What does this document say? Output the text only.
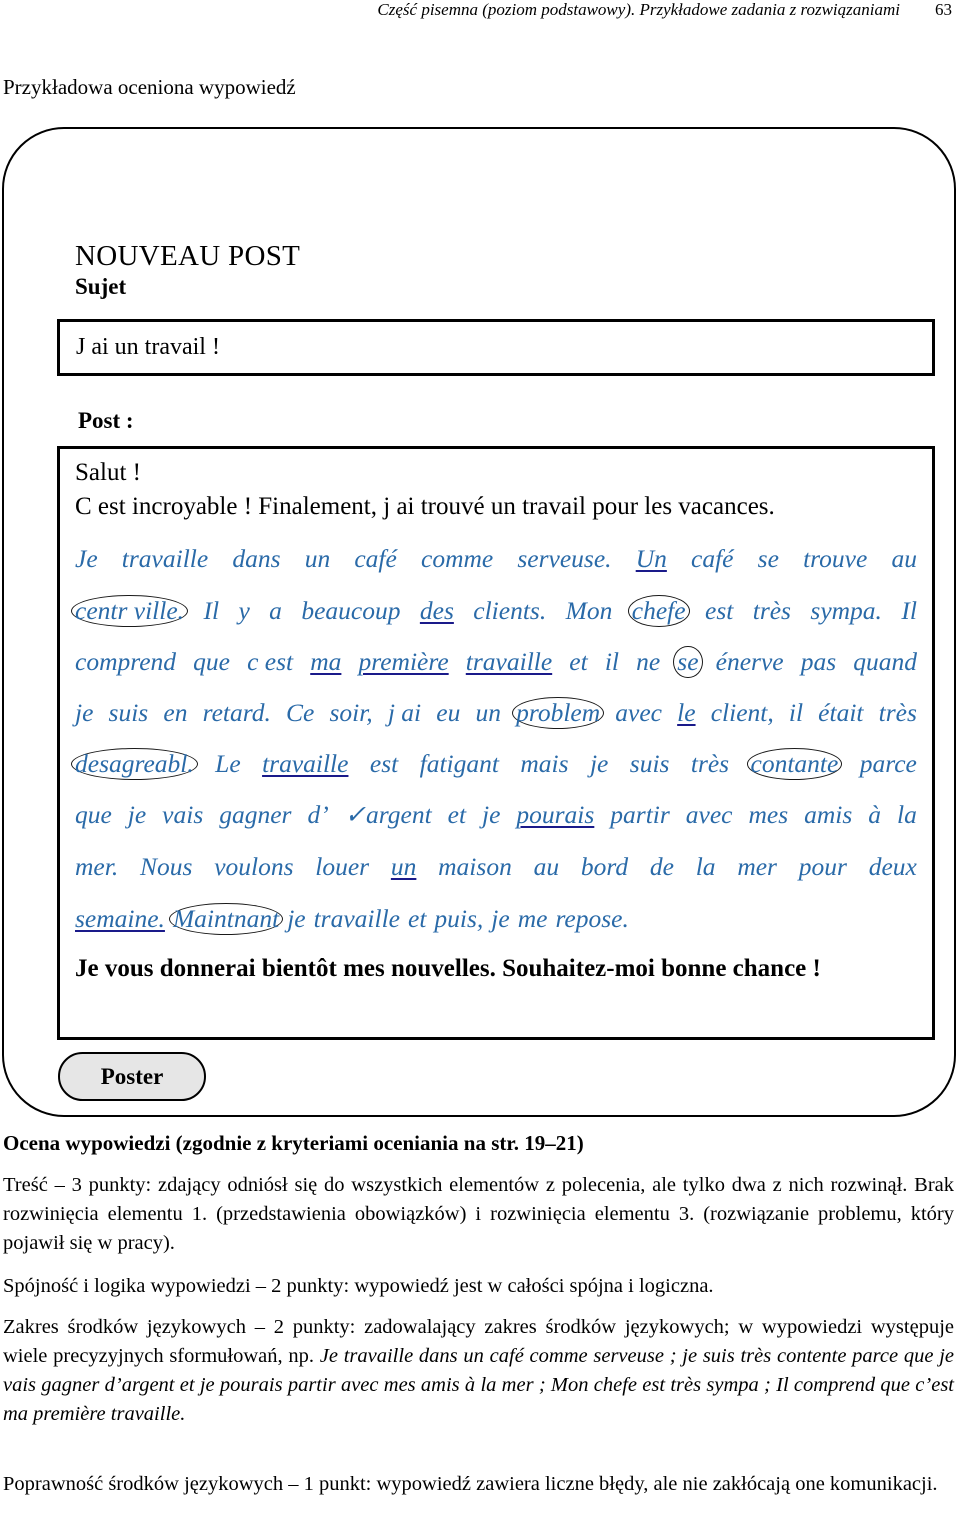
Część pisemna (poziom podstawowy). Przykładowe zadania z rozwiązaniami 63
Przykładowa oceniona wypowiedź
NOUVEAU POST
Sujet
J ai un travail !
Post :
Salut !
C est incroyable ! Finalement, j ai trouvé un travail pour les vacances.
Je travaille dans un café comme serveuse. Un café se trouve au
centr ville. Il y a beaucoup des clients. Mon chefe est très sympa. Il
comprend que c est ma première travaille et il ne se énerve pas quand
je suis en retard. Ce soir, j ai eu un problem avec le client, il était très
desagreabl. Le travaille est fatigant mais je suis très contante parce
que je vais gagner d’ ✓argent et je pourais partir avec mes amis à la
mer. Nous voulons louer un maison au bord de la mer pour deux
semaine. Maintnant je travaille et puis, je me repose.
Je vous donnerai bientôt mes nouvelles. Souhaitez-moi bonne chance !
Poster
Ocena wypowiedzi (zgodnie z kryteriami oceniania na str. 19–21)
Treść – 3 punkty: zdający odniósł się do wszystkich elementów z polecenia, ale tylko dwa z nich rozwinął. Brak rozwinięcia elementu 1. (przedstawienia obowiązków) i rozwinięcia elementu 3. (rozwiązanie problemu, który pojawił się w pracy).
Spójność i logika wypowiedzi – 2 punkty: wypowiedź jest w całości spójna i logiczna.
Zakres środków językowych – 2 punkty: zadowalający zakres środków językowych; w wypowiedzi występuje wiele precyzyjnych sformułowań, np. Je travaille dans un café comme serveuse ; je suis très contente parce que je vais gagner d’argent et je pourais partir avec mes amis à la mer ; Mon chefe est très sympa ; Il comprend que c’est ma première travaille.
Poprawność środków językowych – 1 punkt: wypowiedź zawiera liczne błędy, ale nie zakłócają one komunikacji.
